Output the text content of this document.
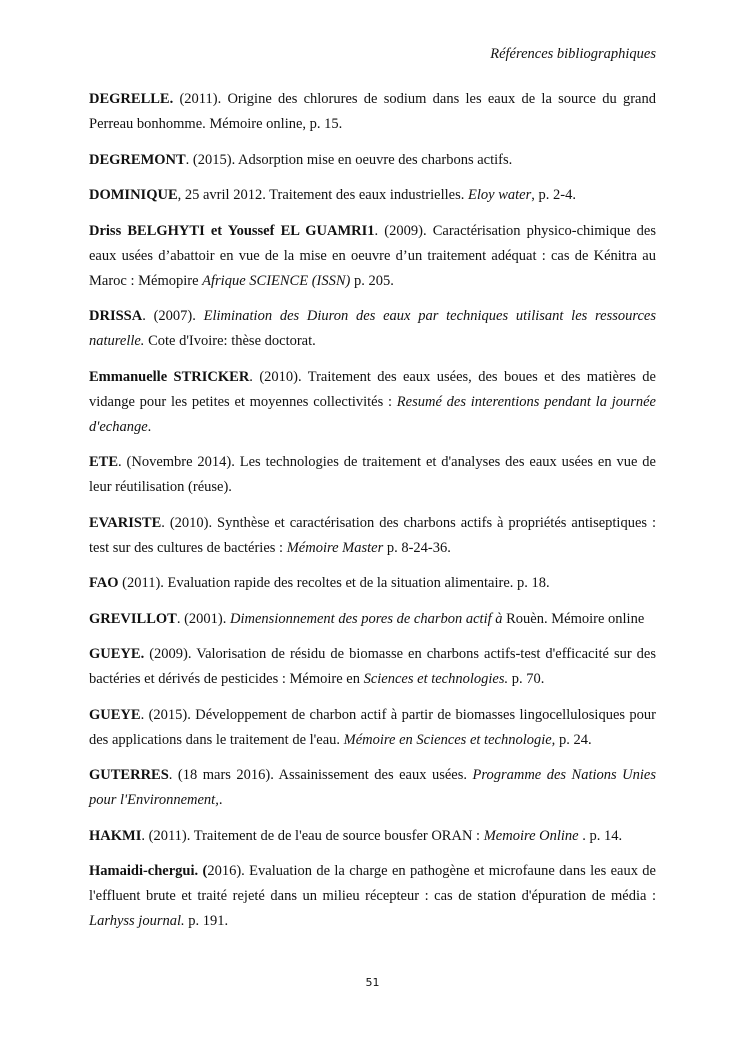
Références bibliographiques
DEGRELLE. (2011). Origine des chlorures de sodium dans les eaux de la source du grand Perreau bonhomme. Mémoire online, p. 15.
DEGREMONT. (2015). Adsorption mise en oeuvre des charbons actifs.
DOMINIQUE, 25 avril 2012. Traitement des eaux industrielles. Eloy water, p. 2-4.
Driss BELGHYTI et Youssef EL GUAMRI1. (2009). Caractérisation physico-chimique des eaux usées d’abattoir en vue de la mise en oeuvre d’un traitement adéquat : cas de Kénitra au Maroc : Mémopire Afrique SCIENCE (ISSN) p. 205.
DRISSA. (2007). Elimination des Diuron des eaux par techniques utilisant les ressources naturelle. Cote d'Ivoire: thèse doctorat.
Emmanuelle STRICKER. (2010). Traitement des eaux usées, des boues et des matières de vidange pour les petites et moyennes collectivités : Resumé des interentions pendant la journée d'echange.
ETE. (Novembre 2014). Les technologies de traitement et d'analyses des eaux usées en vue de leur réutilisation (réuse).
EVARISTE. (2010). Synthèse et caractérisation des charbons actifs à propriétés antiseptiques : test sur des cultures de bactéries : Mémoire Master p. 8-24-36.
FAO (2011). Evaluation rapide des recoltes et de la situation alimentaire. p. 18.
GREVILLOT. (2001). Dimensionnement des pores de charbon actif à Rouèn. Mémoire online
GUEYE. (2009). Valorisation de résidu de biomasse en charbons actifs-test d'efficacité sur des bactéries et dérivés de pesticides : Mémoire en Sciences et technologies. p. 70.
GUEYE. (2015). Développement de charbon actif à partir de biomasses lingocellulosiques pour des applications dans le traitement de l'eau. Mémoire en Sciences et technologie, p. 24.
GUTERRES. (18 mars 2016). Assainissement des eaux usées. Programme des Nations Unies pour l'Environnement,.
HAKMI. (2011). Traitement de de l'eau de source bousfer ORAN : Memoire Online . p. 14.
Hamaidi-chergui. (2016). Evaluation de la charge en pathogène et microfaune dans les eaux de l'effluent brute et traité rejeté dans un milieu récepteur : cas de station d'épuration de média : Larhyss journal. p. 191.
51
